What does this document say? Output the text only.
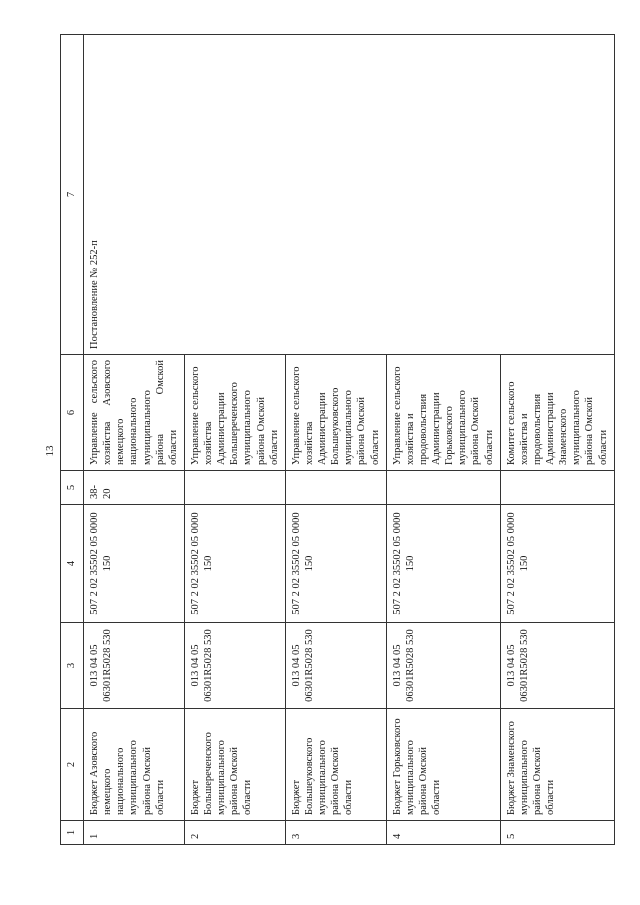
13
1	2	3	4	5	6	7
1	Бюджет Азовского немецкого национального муниципального района Омской области	013 04 05 06301R5028 530	507 2 02 35502 05 0000 150	38-20	Управление сельского хозяйства Азовского немецкого национального муниципального района Омской области	Постановление № 252-п
2	Бюджет Большереченского муниципального района Омской области	013 04 05 06301R5028 530	507 2 02 35502 05 0000 150		Управление сельского хозяйства Администрации Большереченского муниципального района Омской области	
3	Бюджет Большеуковского муниципального района Омской области	013 04 05 06301R5028 530	507 2 02 35502 05 0000 150		Управление сельского хозяйства Администрации Большеуковского муниципального района Омской области	
4	Бюджет Горьковского муниципального района Омской области	013 04 05 06301R5028 530	507 2 02 35502 05 0000 150		Управление сельского хозяйства и продовольствия Администрации Горьковского муниципального района Омской области	
5	Бюджет Знаменского муниципального района Омской области	013 04 05 06301R5028 530	507 2 02 35502 05 0000 150		Комитет сельского хозяйства и продовольствия Администрации Знаменского муниципального района Омской области	
